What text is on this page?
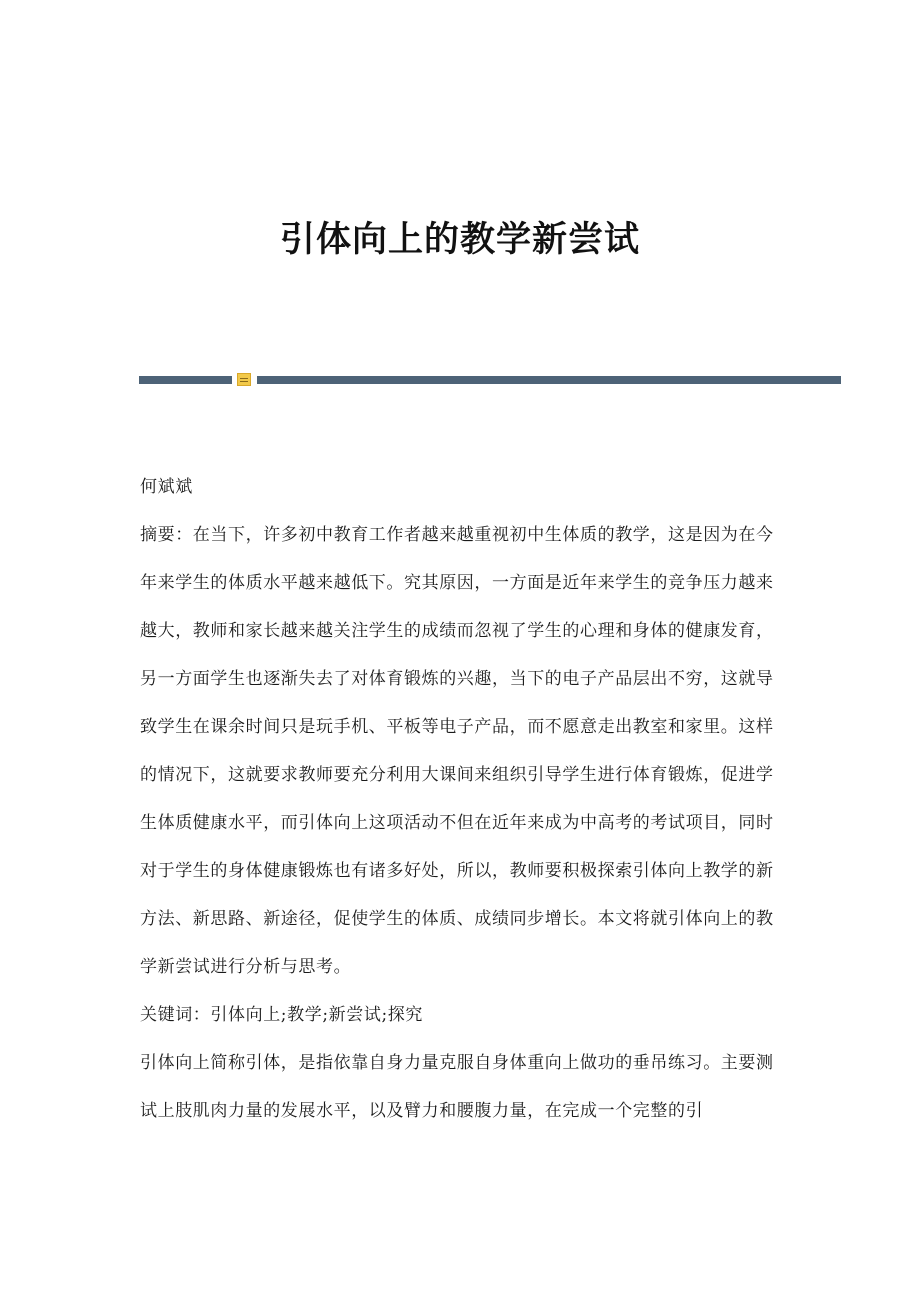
引体向上的教学新尝试

何斌斌

摘要：在当下，许多初中教育工作者越来越重视初中生体质的教学，这是因为在今年来学生的体质水平越来越低下。究其原因，一方面是近年来学生的竞争压力越来越大，教师和家长越来越关注学生的成绩而忽视了学生的心理和身体的健康发育，另一方面学生也逐渐失去了对体育锻炼的兴趣，当下的电子产品层出不穷，这就导致学生在课余时间只是玩手机、平板等电子产品，而不愿意走出教室和家里。这样的情况下，这就要求教师要充分利用大课间来组织引导学生进行体育锻炼，促进学生体质健康水平，而引体向上这项活动不但在近年来成为中高考的考试项目，同时对于学生的身体健康锻炼也有诸多好处，所以，教师要积极探索引体向上教学的新方法、新思路、新途径，促使学生的体质、成绩同步增长。本文将就引体向上的教学新尝试进行分析与思考。

关键词：引体向上;教学;新尝试;探究

引体向上简称引体，是指依靠自身力量克服自身体重向上做功的垂吊练习。主要测试上肢肌肉力量的发展水平，以及臂力和腰腹力量，在完成一个完整的引
